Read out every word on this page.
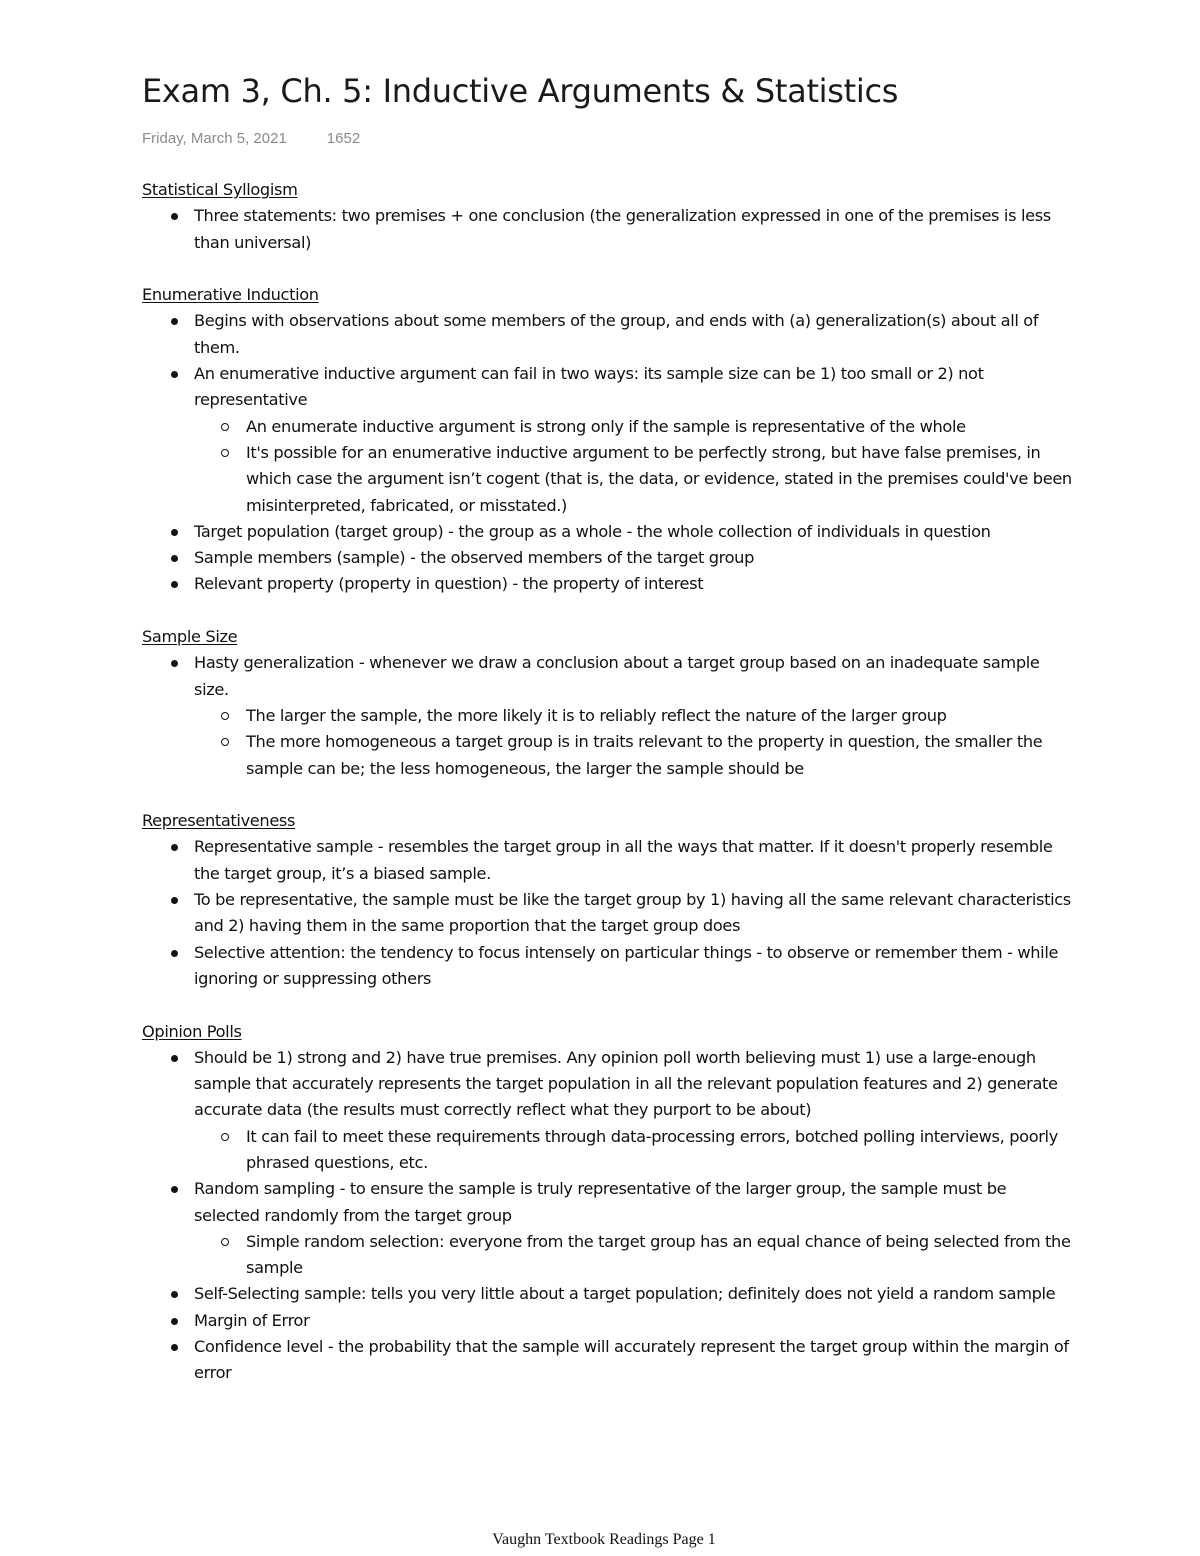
Exam 3, Ch. 5: Inductive Arguments & Statistics
Friday, March 5, 2021	1652
Statistical Syllogism
Three statements: two premises + one conclusion (the generalization expressed in one of the premises is less than universal)
Enumerative Induction
Begins with observations about some members of the group, and ends with (a) generalization(s) about all of them.
An enumerative inductive argument can fail in two ways: its sample size can be 1) too small or 2) not representative
An enumerate inductive argument is strong only if the sample is representative of the whole
It's possible for an enumerative inductive argument to be perfectly strong, but have false premises, in which case the argument isn’t cogent (that is, the data, or evidence, stated in the premises could've been misinterpreted, fabricated, or misstated.)
Target population (target group) - the group as a whole - the whole collection of individuals in question
Sample members (sample) - the observed members of the target group
Relevant property (property in question) - the property of interest
Sample Size
Hasty generalization - whenever we draw a conclusion about a target group based on an inadequate sample size.
The larger the sample, the more likely it is to reliably reflect the nature of the larger group
The more homogeneous a target group is in traits relevant to the property in question, the smaller the sample can be; the less homogeneous, the larger the sample should be
Representativeness
Representative sample - resembles the target group in all the ways that matter. If it doesn't properly resemble the target group, it’s a biased sample.
To be representative, the sample must be like the target group by 1) having all the same relevant characteristics and 2) having them in the same proportion that the target group does
Selective attention: the tendency to focus intensely on particular things - to observe or remember them - while ignoring or suppressing others
Opinion Polls
Should be 1) strong and 2) have true premises. Any opinion poll worth believing must 1) use a large-enough sample that accurately represents the target population in all the relevant population features and 2) generate accurate data (the results must correctly reflect what they purport to be about)
It can fail to meet these requirements through data-processing errors, botched polling interviews, poorly phrased questions, etc.
Random sampling - to ensure the sample is truly representative of the larger group, the sample must be selected randomly from the target group
Simple random selection: everyone from the target group has an equal chance of being selected from the sample
Self-Selecting sample: tells you very little about a target population; definitely does not yield a random sample
Margin of Error
Confidence level - the probability that the sample will accurately represent the target group within the margin of error
Vaughn Textbook Readings Page 1
